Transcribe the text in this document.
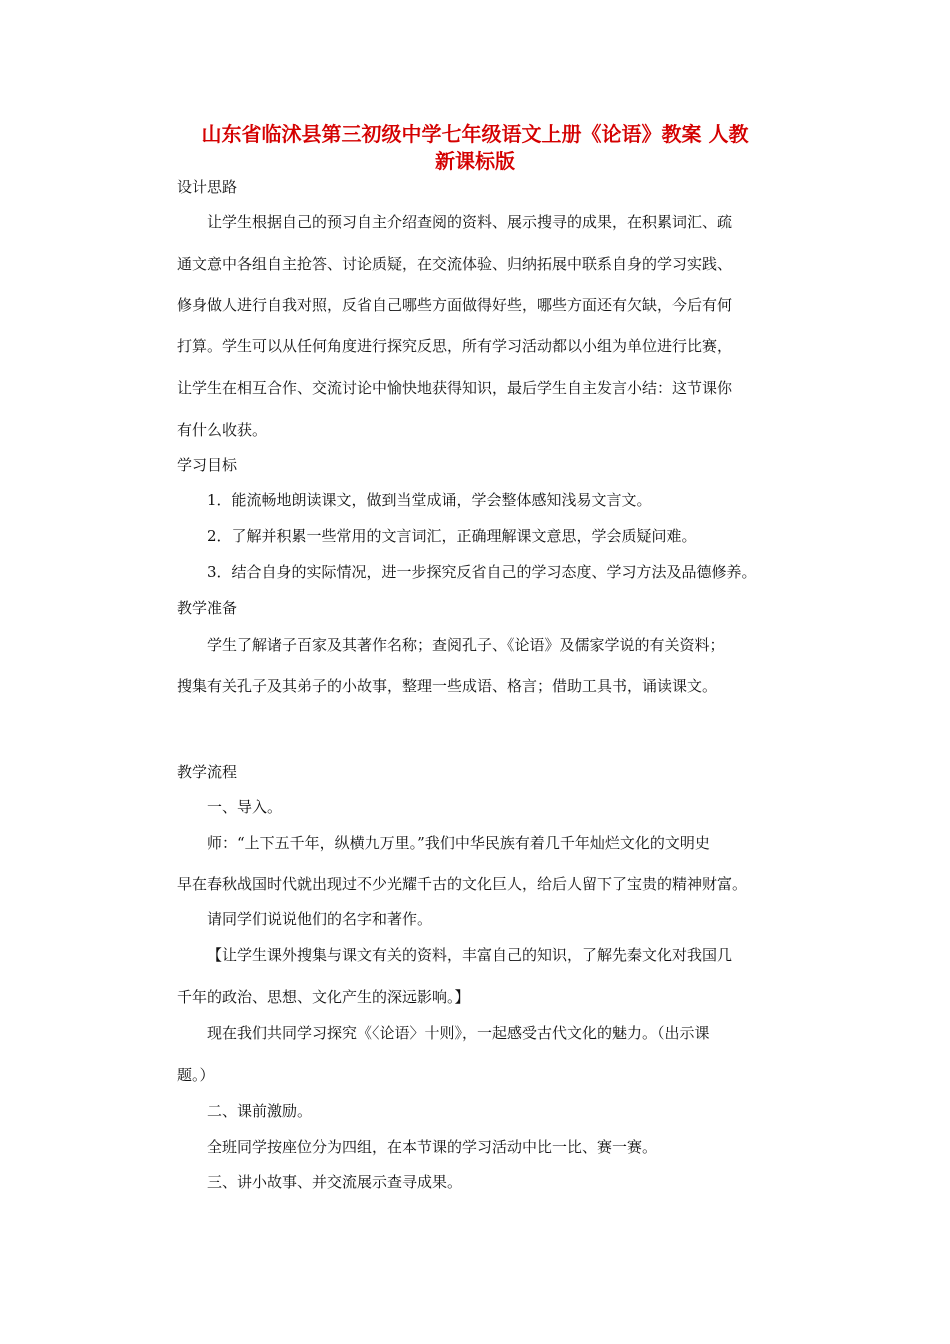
山东省临沭县第三初级中学七年级语文上册《论语》教案 人教
新课标版
设计思路
让学生根据自己的预习自主介绍查阅的资料、展示搜寻的成果，在积累词汇、疏
通文意中各组自主抢答、讨论质疑，在交流体验、归纳拓展中联系自身的学习实践、
修身做人进行自我对照，反省自己哪些方面做得好些，哪些方面还有欠缺，今后有何
打算。学生可以从任何角度进行探究反思，所有学习活动都以小组为单位进行比赛，
让学生在相互合作、交流讨论中愉快地获得知识，最后学生自主发言小结：这节课你
有什么收获。
学习目标
1．能流畅地朗读课文，做到当堂成诵，学会整体感知浅易文言文。
2．了解并积累一些常用的文言词汇，正确理解课文意思，学会质疑问难。
3．结合自身的实际情况，进一步探究反省自己的学习态度、学习方法及品德修养。
教学准备
学生了解诸子百家及其著作名称；查阅孔子、《论语》及儒家学说的有关资料；
搜集有关孔子及其弟子的小故事，整理一些成语、格言；借助工具书，诵读课文。
教学流程
一、导入。
师：“上下五千年，纵横九万里。”我们中华民族有着几千年灿烂文化的文明史
早在春秋战国时代就出现过不少光耀千古的文化巨人，给后人留下了宝贵的精神财富。
请同学们说说他们的名字和著作。
【让学生课外搜集与课文有关的资料，丰富自己的知识，了解先秦文化对我国几
千年的政治、思想、文化产生的深远影响。】
现在我们共同学习探究《〈论语〉十则》，一起感受古代文化的魅力。（出示课
题。）
二、课前激励。
全班同学按座位分为四组，在本节课的学习活动中比一比、赛一赛。
三、讲小故事、并交流展示查寻成果。
